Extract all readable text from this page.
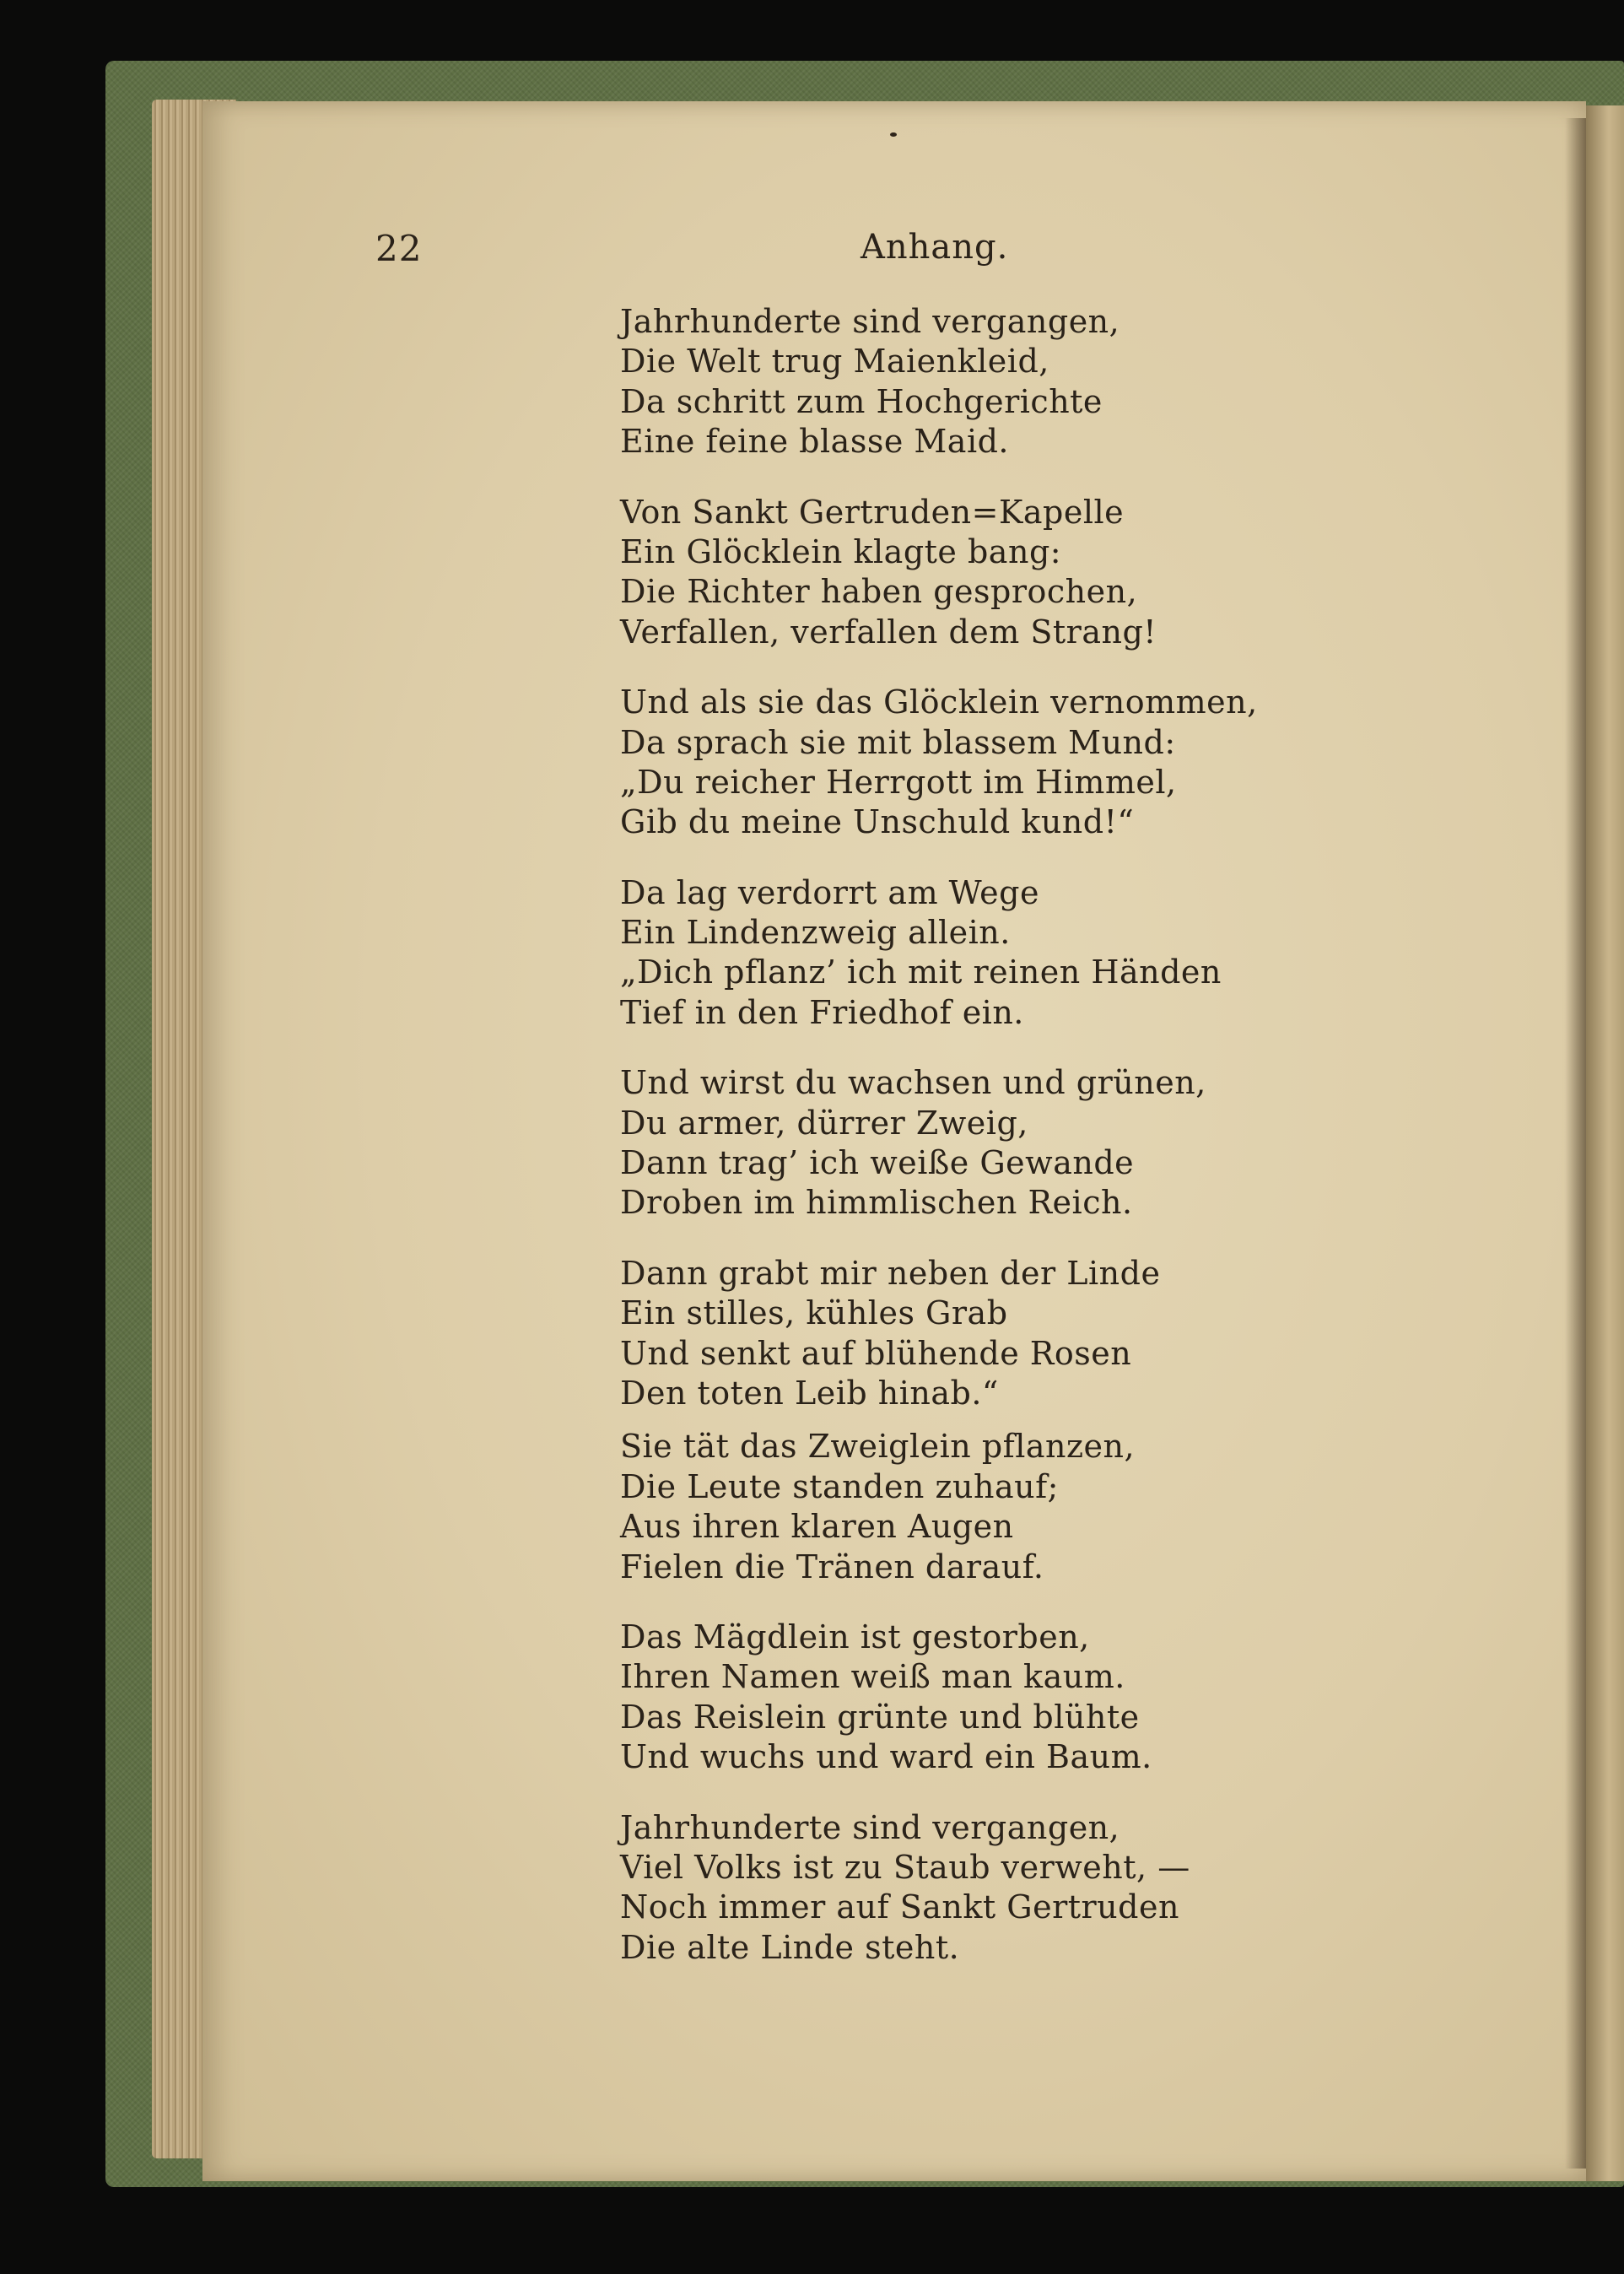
22	Anhang.
Jahrhunderte sind vergangen,
Die Welt trug Maienkleid,
Da schritt zum Hochgerichte
Eine feine blasse Maid.
Von Sankt Gertruden=Kapelle
Ein Glöcklein klagte bang:
Die Richter haben gesprochen,
Verfallen, verfallen dem Strang!
Und als sie das Glöcklein vernommen,
Da sprach sie mit blassem Mund:
„Du reicher Herrgott im Himmel,
Gib du meine Unschuld kund!“
Da lag verdorrt am Wege
Ein Lindenzweig allein.
„Dich pflanz’ ich mit reinen Händen
Tief in den Friedhof ein.
Und wirst du wachsen und grünen,
Du armer, dürrer Zweig,
Dann trag’ ich weiße Gewande
Droben im himmlischen Reich.
Dann grabt mir neben der Linde
Ein stilles, kühles Grab
Und senkt auf blühende Rosen
Den toten Leib hinab.“
Sie tät das Zweiglein pflanzen,
Die Leute standen zuhauf;
Aus ihren klaren Augen
Fielen die Tränen darauf.
Das Mägdlein ist gestorben,
Ihren Namen weiß man kaum.
Das Reislein grünte und blühte
Und wuchs und ward ein Baum.
Jahrhunderte sind vergangen,
Viel Volks ist zu Staub verweht, —
Noch immer auf Sankt Gertruden
Die alte Linde steht.
